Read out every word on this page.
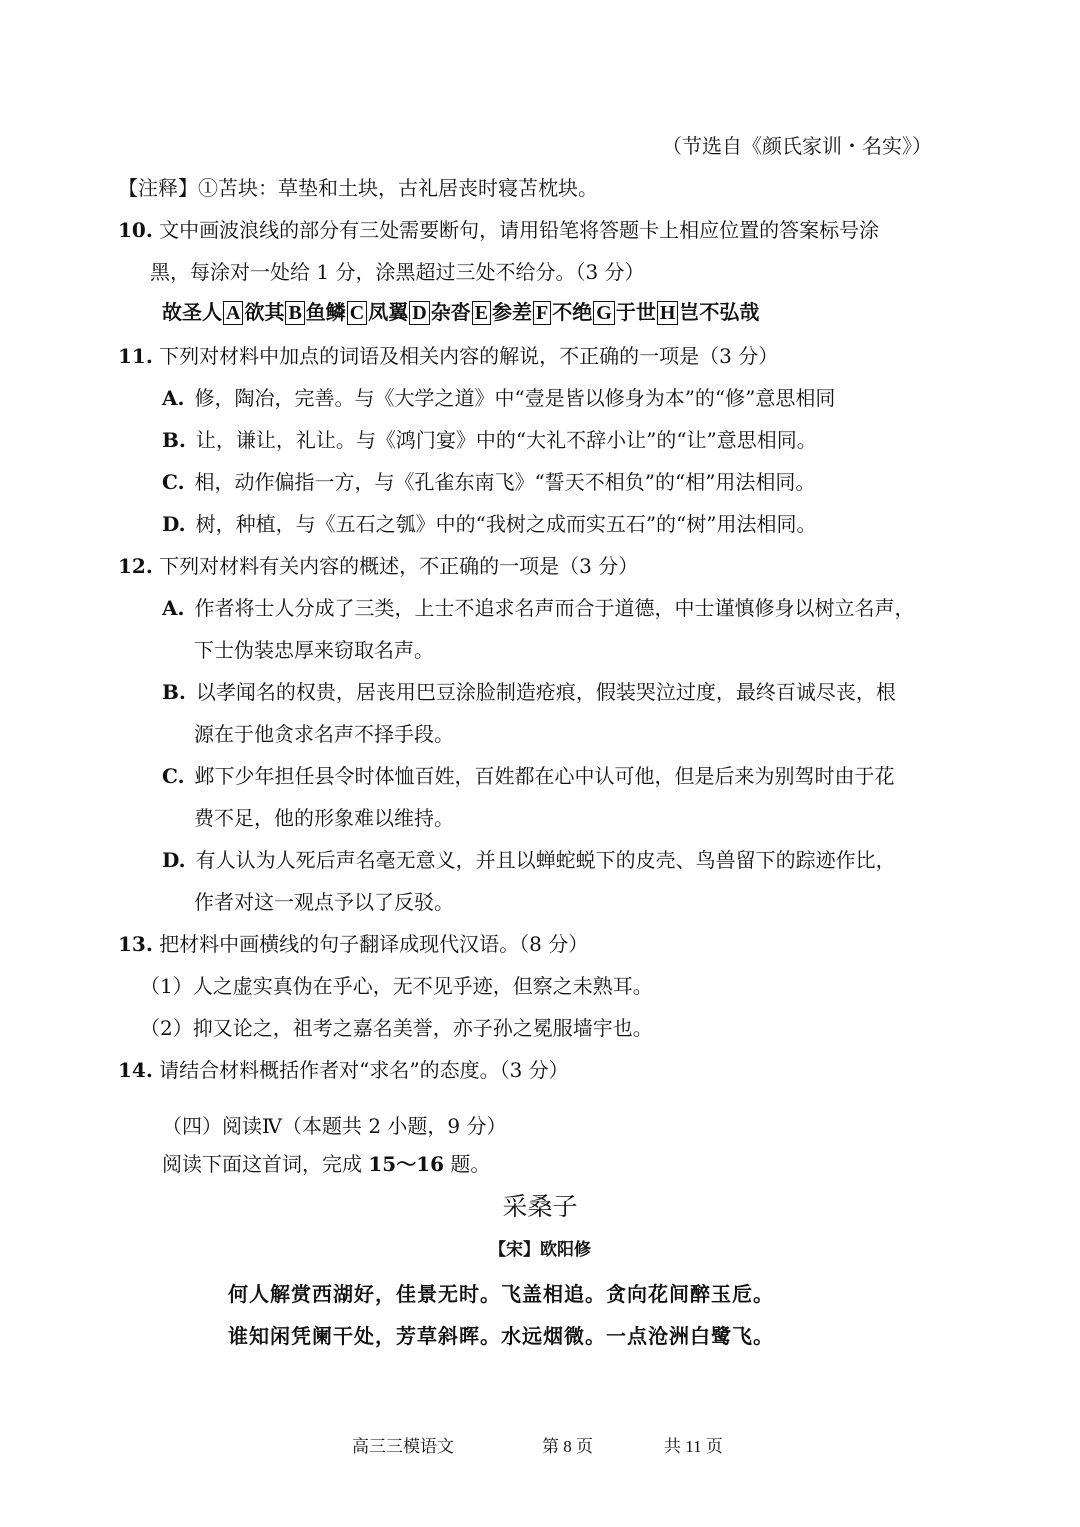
（节选自《颜氏家训・名实》）
【注释】①苫块：草垫和土块，古礼居丧时寝苫枕块。
10. 文中画波浪线的部分有三处需要断句，请用铅笔将答题卡上相应位置的答案标号涂
黑，每涂对一处给 1 分，涂黑超过三处不给分。（3 分）
故圣人 A 欲其 B 鱼鳞 C 凤翼 D 杂沓 E 参差 F 不绝 G 于世 H 岂不弘哉
11. 下列对材料中加点的词语及相关内容的解说，不正确的一项是（3 分）
A. 修，陶冶，完善。与《大学之道》中“壹是皆以修身为本”的“修”意思相同
B. 让，谦让，礼让。与《鸿门宴》中的“大礼不辞小让”的“让”意思相同。
C. 相，动作偏指一方，与《孔雀东南飞》“誓天不相负”的“相”用法相同。
D. 树，种植，与《五石之瓠》中的“我树之成而实五石”的“树”用法相同。
12. 下列对材料有关内容的概述，不正确的一项是（3 分）
A. 作者将士人分成了三类，上士不追求名声而合于道德，中士谨慎修身以树立名声，
下士伪装忠厚来窃取名声。
B. 以孝闻名的权贵，居丧用巴豆涂脸制造疮痕，假装哭泣过度，最终百诚尽丧，根
源在于他贪求名声不择手段。
C. 邺下少年担任县令时体恤百姓，百姓都在心中认可他，但是后来为别驾时由于花
费不足，他的形象难以维持。
D. 有人认为人死后声名毫无意义，并且以蝉蛇蜕下的皮壳、鸟兽留下的踪迹作比，
作者对这一观点予以了反驳。
13. 把材料中画横线的句子翻译成现代汉语。（8 分）
（1）人之虚实真伪在乎心，无不见乎迹，但察之未熟耳。
（2）抑又论之，祖考之嘉名美誉，亦子孙之冕服墙宇也。
14. 请结合材料概括作者对“求名”的态度。（3 分）
（四）阅读Ⅳ（本题共 2 小题，9 分）
阅读下面这首词，完成 15～16 题。
采桑子
【宋】欧阳修
何人解赏西湖好，佳景无时。飞盖相追。贪向花间醉玉卮。
谁知闲凭阑干处，芳草斜晖。水远烟微。一点沧洲白鹭飞。
高三三模语文	第 8 页	共 11 页
